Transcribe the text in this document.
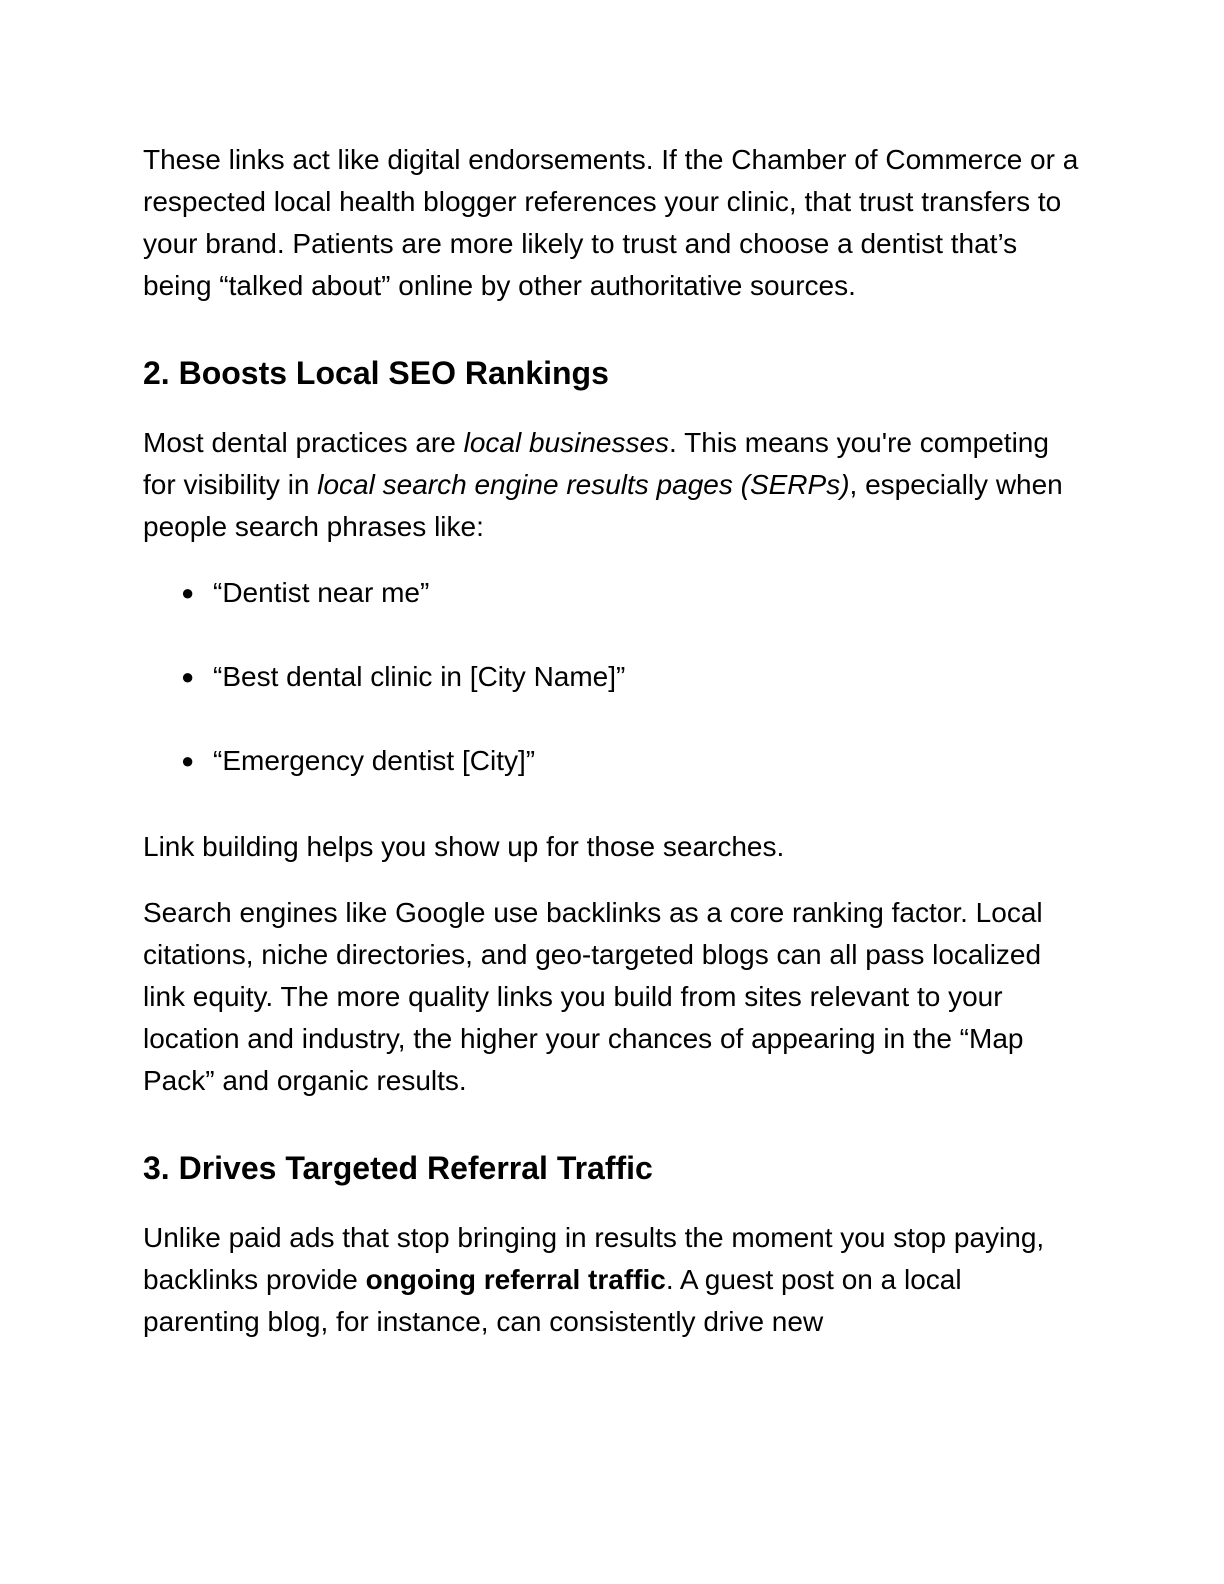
These links act like digital endorsements. If the Chamber of Commerce or a respected local health blogger references your clinic, that trust transfers to your brand. Patients are more likely to trust and choose a dentist that’s being “talked about” online by other authoritative sources.

2. Boosts Local SEO Rankings

Most dental practices are local businesses. This means you're competing for visibility in local search engine results pages (SERPs), especially when people search phrases like:

● “Dentist near me”
● “Best dental clinic in [City Name]”
● “Emergency dentist [City]”

Link building helps you show up for those searches.

Search engines like Google use backlinks as a core ranking factor. Local citations, niche directories, and geo-targeted blogs can all pass localized link equity. The more quality links you build from sites relevant to your location and industry, the higher your chances of appearing in the “Map Pack” and organic results.

3. Drives Targeted Referral Traffic

Unlike paid ads that stop bringing in results the moment you stop paying, backlinks provide ongoing referral traffic. A guest post on a local parenting blog, for instance, can consistently drive new
